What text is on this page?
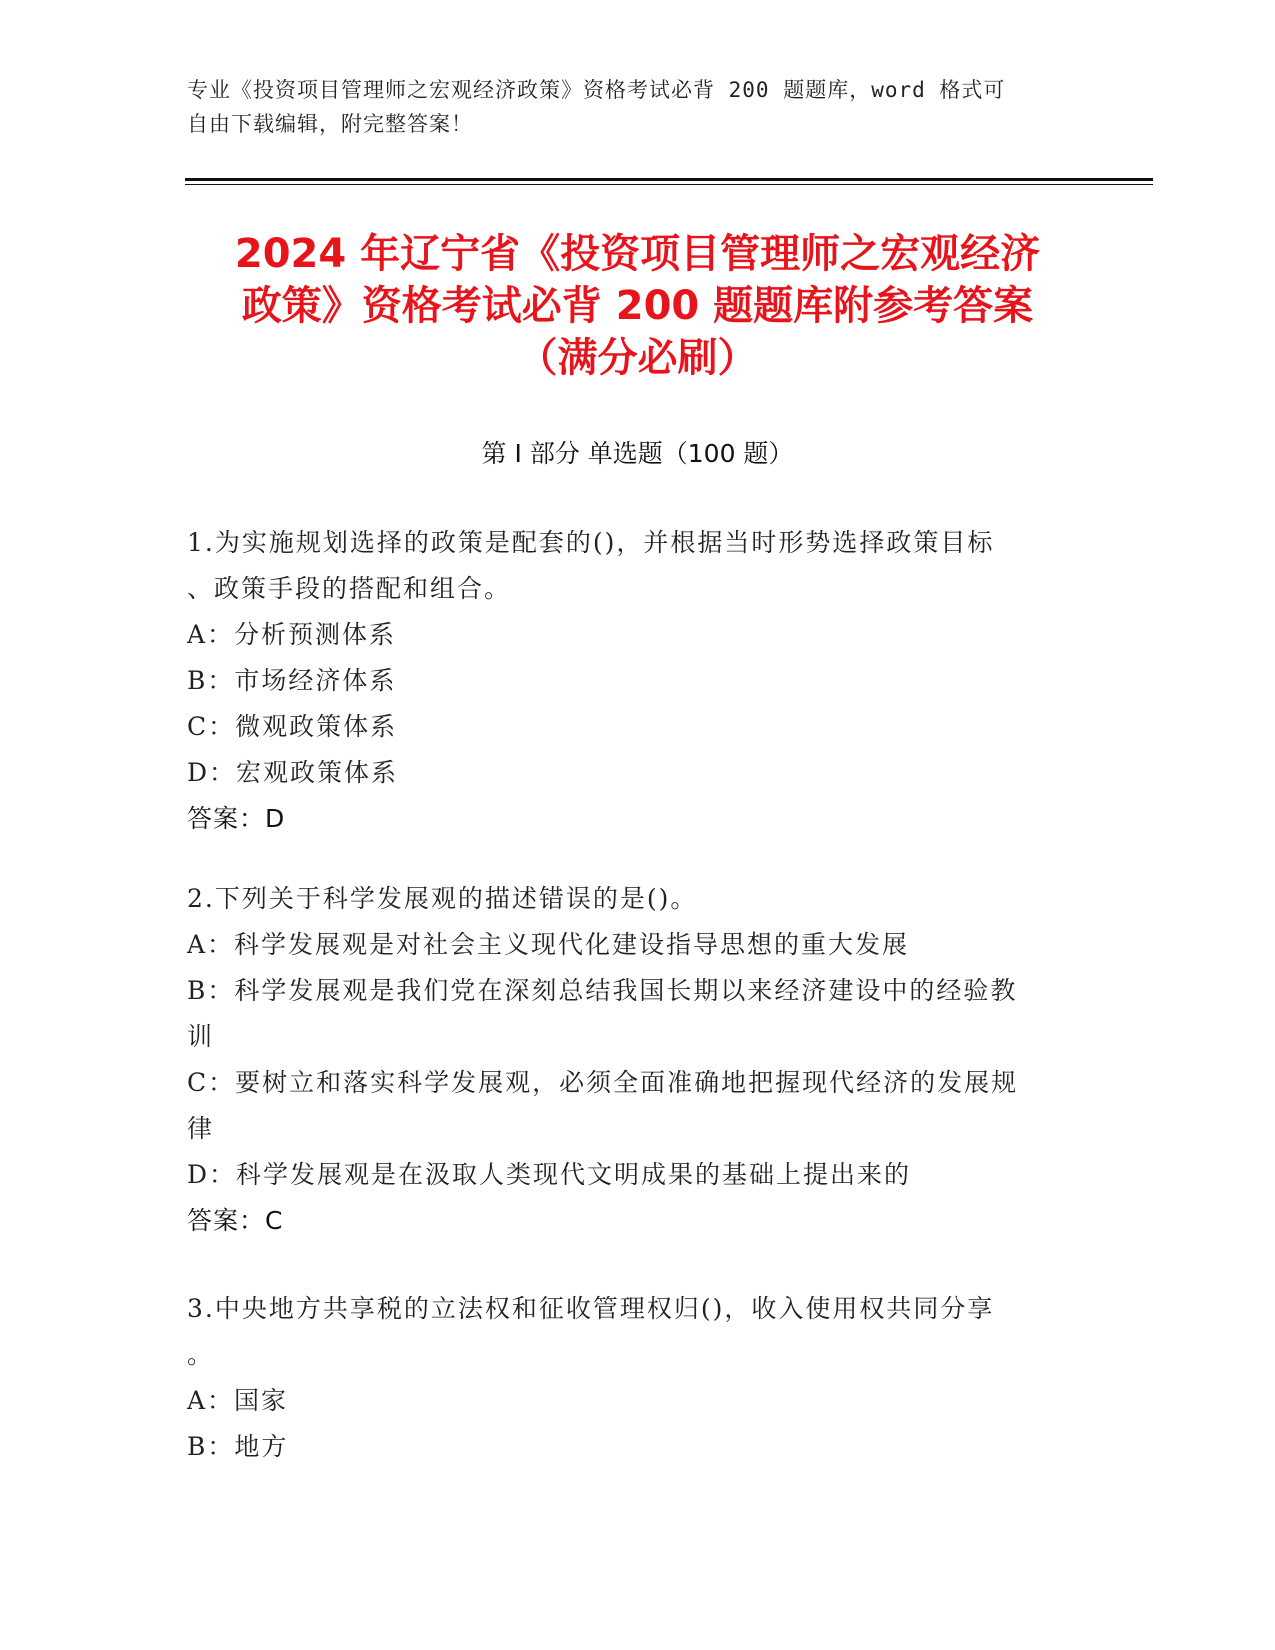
专业《投资项目管理师之宏观经济政策》资格考试必背 200 题题库，word 格式可
自由下载编辑，附完整答案！
2024 年辽宁省《投资项目管理师之宏观经济
政策》资格考试必背 200 题题库附参考答案
（满分必刷）
第 I 部分 单选题（100 题）
1.为实施规划选择的政策是配套的()，并根据当时形势选择政策目标
、政策手段的搭配和组合。
A：分析预测体系
B：市场经济体系
C：微观政策体系
D：宏观政策体系
答案：D
2.下列关于科学发展观的描述错误的是()。
A：科学发展观是对社会主义现代化建设指导思想的重大发展
B：科学发展观是我们党在深刻总结我国长期以来经济建设中的经验教
训
C：要树立和落实科学发展观，必须全面准确地把握现代经济的发展规
律
D：科学发展观是在汲取人类现代文明成果的基础上提出来的
答案：C
3.中央地方共享税的立法权和征收管理权归()，收入使用权共同分享
。
A：国家
B：地方
